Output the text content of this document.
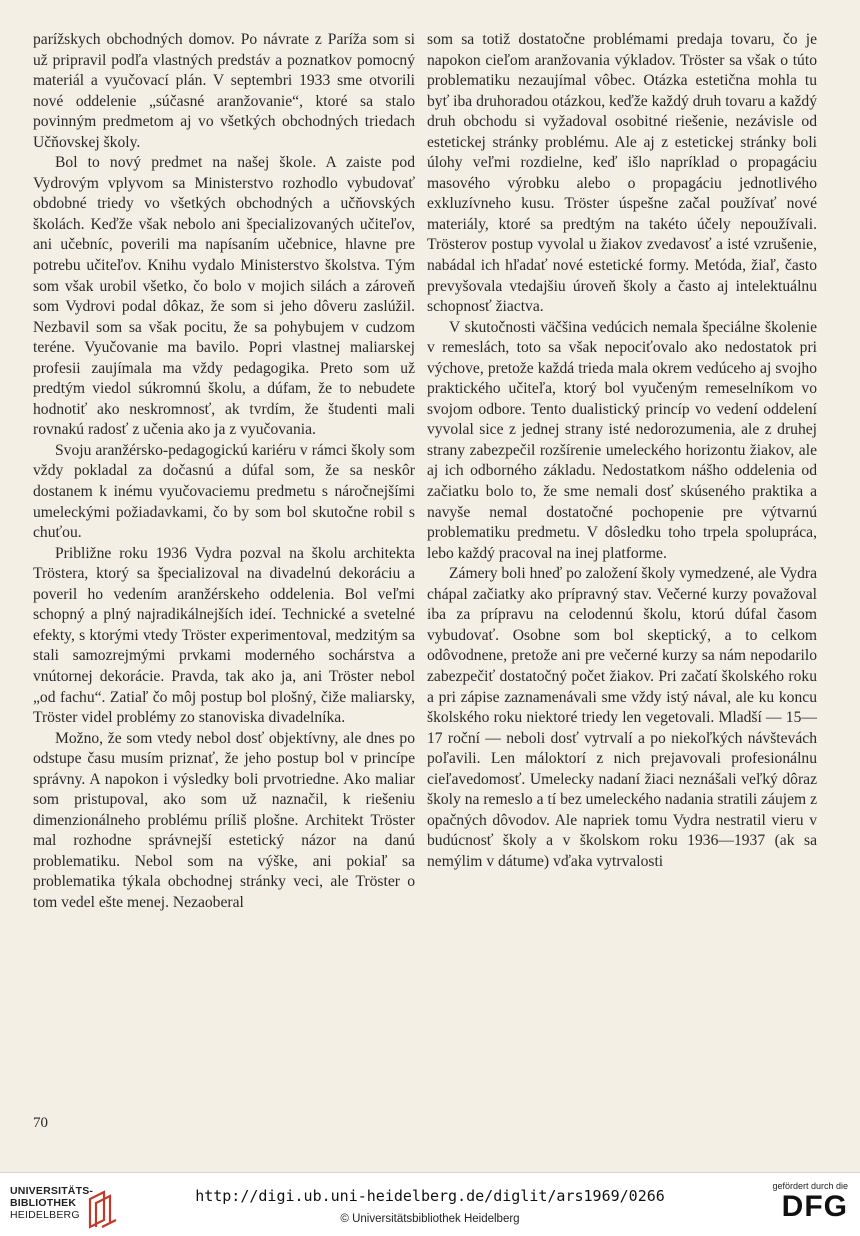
parížskych obchodných domov. Po návrate z Paríža som si už pripravil podľa vlastných predstáv a poznatkov pomocný materiál a vyučovací plán. V septembri 1933 sme otvorili nové oddelenie „súčasné aranžovanie“, ktoré sa stalo povinným predmetom aj vo všetkých obchodných triedach Učňovskej školy.

Bol to nový predmet na našej škole. A zaiste pod Vydrovým vplyvom sa Ministerstvo rozhodlo vybudovať obdobné triedy vo všetkých obchodných a učňovských školách. Keďže však nebolo ani špecializovaných učiteľov, ani učebníc, poverili ma napísaním učebnice, hlavne pre potrebu učiteľov. Knihu vydalo Ministerstvo školstva. Tým som však urobil všetko, čo bolo v mojich silách a zároveň som Vydrovi podal dôkaz, že som si jeho dôveru zaslúžil. Nezbavil som sa však pocitu, že sa pohybujem v cudzom teréne. Vyučovanie ma bavilo. Popri vlastnej maliarskej profesii zaujímala ma vždy pedagogika. Preto som už predtým viedol súkromnú školu, a dúfam, že to nebudete hodnotiť ako neskromnosť, ak tvrdím, že študenti mali rovnakú radosť z učenia ako ja z vyučovania.

Svoju aranžérsko-pedagogickú kariéru v rámci školy som vždy pokladal za dočasnú a dúfal som, že sa neskôr dostanem k inému vyučovaciemu predmetu s náročnejšími umeleckými požiadavkami, čo by som bol skutočne robil s chuťou.

Približne roku 1936 Vydra pozval na školu architekta Tröstera, ktorý sa špecializoval na divadelnú dekoráciu a poveril ho vedením aranžérskeho oddelenia. Bol veľmi schopný a plný najradikálnejších ideí. Technické a svetelné efekty, s ktorými vtedy Tröster experimentoval, medzitým sa stali samozrejmými prvkami moderného sochárstva a vnútornej dekorácie. Pravda, tak ako ja, ani Tröster nebol „od fachu“. Zatiaľ čo môj postup bol plošný, čiže maliarsky, Tröster videl problémy zo stanoviska divadelníka.

Možno, že som vtedy nebol dosť objektívny, ale dnes po odstupe času musím priznať, že jeho postup bol v princípe správny. A napokon i výsledky boli prvotriedne. Ako maliar som pristupoval, ako som už naznačil, k riešeniu dimenzionálneho problému príliš plošne. Architekt Tröster mal rozhodne správnejší estetický názor na danú problematiku. Nebol som na výške, ani pokiaľ sa problematika týkala obchodnej stránky veci, ale Tröster o tom vedel ešte menej. Nezaoberal

som sa totiž dostatočne problémami predaja tovaru, čo je napokon cieľom aranžovania výkladov. Tröster sa však o túto problematiku nezaujímal vôbec. Otázka estetična mohla tu byť iba druhoradou otázkou, keďže každý druh tovaru a každý druh obchodu si vyžadoval osobitné riešenie, nezávisle od estetickej stránky problému. Ale aj z estetickej stránky boli úlohy veľmi rozdielne, keď išlo napríklad o propagáciu masového výrobku alebo o propagáciu jednotlivého exkluzívneho kusu. Tröster úspešne začal používať nové materiály, ktoré sa predtým na takéto účely nepoužívali. Trösterov postup vyvolal u žiakov zvedavosť a isté vzrušenie, nabádal ich hľadať nové estetické formy. Metóda, žiaľ, často prevyšovala vtedajšiu úroveň školy a často aj intelektuálnu schopnosť žiactva.

V skutočnosti väčšina vedúcich nemala špeciálne školenie v remeslách, toto sa však nepociťovalo ako nedostatok pri výchove, pretože každá trieda mala okrem vedúceho aj svojho praktického učiteľa, ktorý bol vyučeným remeselníkom vo svojom odbore. Tento dualistický princíp vo vedení oddelení vyvolal sice z jednej strany isté nedorozumenia, ale z druhej strany zabezpečil rozšírenie umeleckého horizontu žiakov, ale aj ich odborného základu. Nedostatkom nášho oddelenia od začiatku bolo to, že sme nemali dosť skúseného praktika a navyše nemal dostatočné pochopenie pre výtvarnú problematiku predmetu. V dôsledku toho trpela spolupráca, lebo každý pracoval na inej platforme.

Zámery boli hneď po založení školy vymedzené, ale Vydra chápal začiatky ako prípravný stav. Večerné kurzy považoval iba za prípravu na celodennú školu, ktorú dúfal časom vybudovať. Osobne som bol skeptický, a to celkom odôvodnene, pretože ani pre večerné kurzy sa nám nepodarilo zabezpečiť dostatočný počet žiakov. Pri začatí školského roku a pri zápise zaznamenávali sme vždy istý nával, ale ku koncu školského roku niektoré triedy len vegetovali. Mladší — 15—17 roční — neboli dosť vytrvalí a po niekoľkých návštevách poľavili. Len máloktorí z nich prejavovali profesionálnu cieľavedomosť. Umelecky nadaní žiaci neznášali veľký dôraz školy na remeslo a tí bez umeleckého nadania stratili záujem z opačných dôvodov. Ale napriek tomu Vydra nestratil vieru v budúcnosť školy a v školskom roku 1936—1937 (ak sa nemýlim v dátume) vďaka vytrvalosti

70
UNIVERSITÄTS-
BIBLIOTHEK
HEIDELBERG
http://digi.ub.uni-heidelberg.de/diglit/ars1969/0266
© Universitätsbibliothek Heidelberg
gefördert durch die
DFG
